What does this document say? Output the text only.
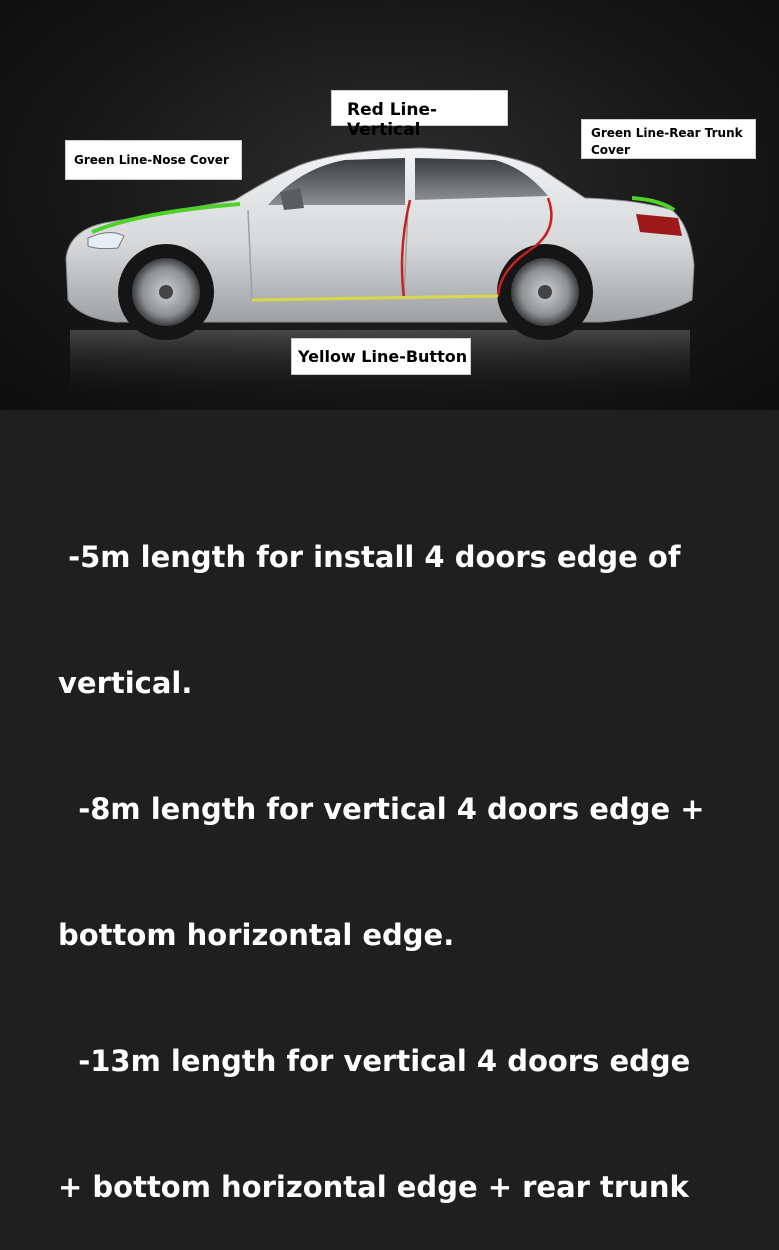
Red Line-Vertical
Green Line-Nose Cover
Green Line-Rear Trunk Cover
Yellow Line-Button

-5m length for install 4 doors edge of

vertical.

-8m length for vertical 4 doors edge +

bottom horizontal edge.

-13m length for vertical 4 doors edge

+ bottom horizontal edge + rear trunk
